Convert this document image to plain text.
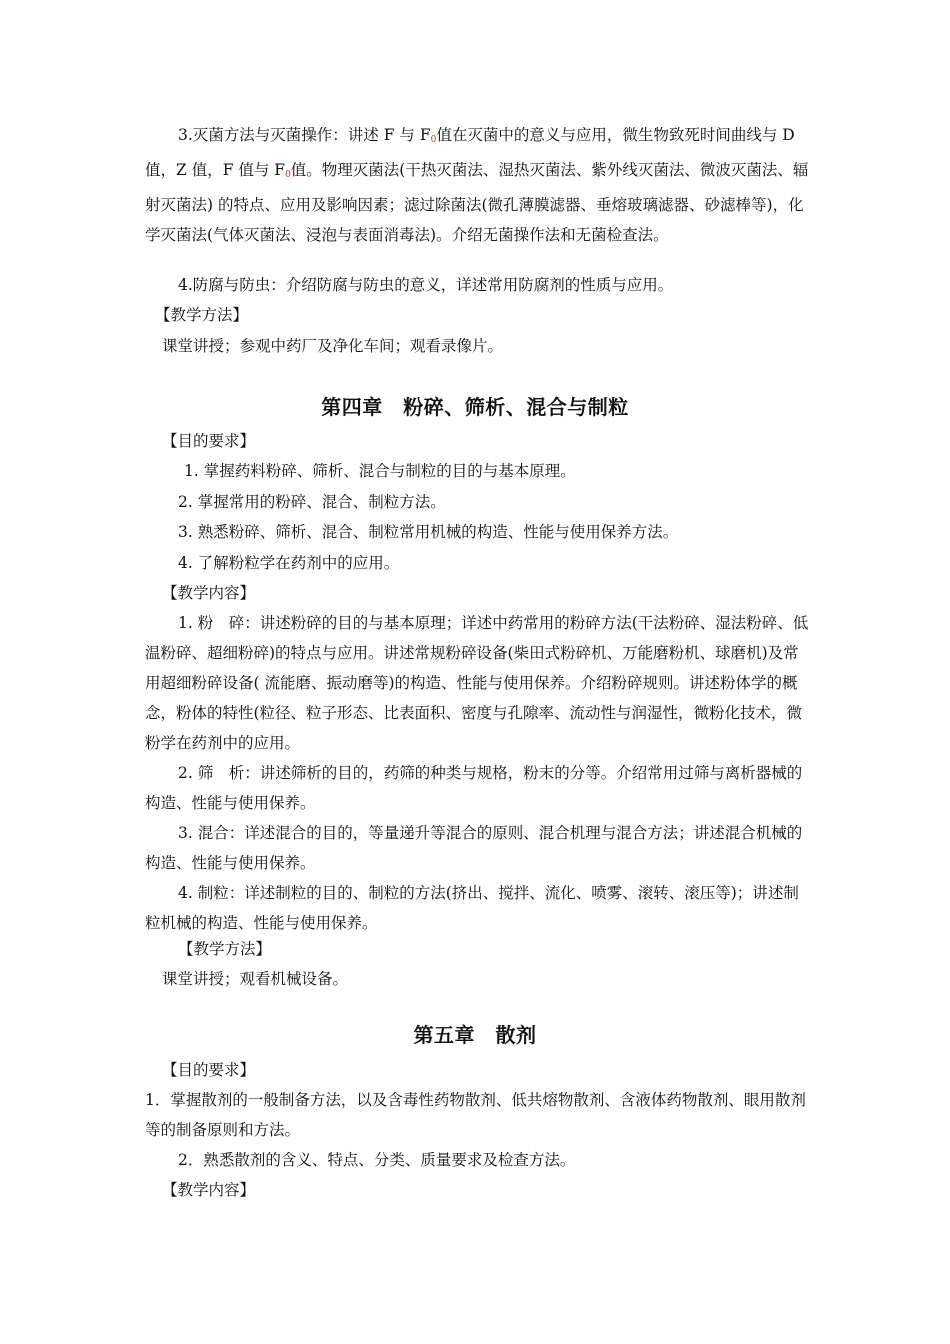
3.灭菌方法与灭菌操作：讲述 F 与 $F_0$值在灭菌中的意义与应用，微生物致死时间曲线与 D 值，Z 值，F 值与 $F_0$值。物理灭菌法(干热灭菌法、湿热灭菌法、紫外线灭菌法、微波灭菌法、辐射灭菌法) 的特点、应用及影响因素；滤过除菌法(微孔薄膜滤器、垂熔玻璃滤器、砂滤棒等)，化学灭菌法(气体灭菌法、浸泡与表面消毒法)。介绍无菌操作法和无菌检查法。

4.防腐与防虫：介绍防腐与防虫的意义，详述常用防腐剂的性质与应用。

【教学方法】

课堂讲授；参观中药厂及净化车间；观看录像片。

第四章　粉碎、筛析、混合与制粒

【目的要求】

1. 掌握药料粉碎、筛析、混合与制粒的目的与基本原理。

2. 掌握常用的粉碎、混合、制粒方法。

3. 熟悉粉碎、筛析、混合、制粒常用机械的构造、性能与使用保养方法。

4. 了解粉粒学在药剂中的应用。

【教学内容】

1. 粉　碎：讲述粉碎的目的与基本原理；详述中药常用的粉碎方法(干法粉碎、湿法粉碎、低温粉碎、超细粉碎)的特点与应用。讲述常规粉碎设备(柴田式粉碎机、万能磨粉机、球磨机)及常用超细粉碎设备( 流能磨、振动磨等)的构造、性能与使用保养。介绍粉碎规则。讲述粉体学的概念，粉体的特性(粒径、粒子形态、比表面积、密度与孔隙率、流动性与润湿性，微粉化技术，微粉学在药剂中的应用。

2. 筛　析：讲述筛析的目的，药筛的种类与规格，粉末的分等。介绍常用过筛与离析器械的构造、性能与使用保养。

3. 混合：详述混合的目的，等量递升等混合的原则、混合机理与混合方法；讲述混合机械的构造、性能与使用保养。

4. 制粒：详述制粒的目的、制粒的方法(挤出、搅拌、流化、喷雾、滚转、滚压等)；讲述制粒机械的构造、性能与使用保养。

【教学方法】

课堂讲授；观看机械设备。

第五章　散剂

【目的要求】

1．掌握散剂的一般制备方法，以及含毒性药物散剂、低共熔物散剂、含液体药物散剂、眼用散剂等的制备原则和方法。

2．熟悉散剂的含义、特点、分类、质量要求及检查方法。

【教学内容】
